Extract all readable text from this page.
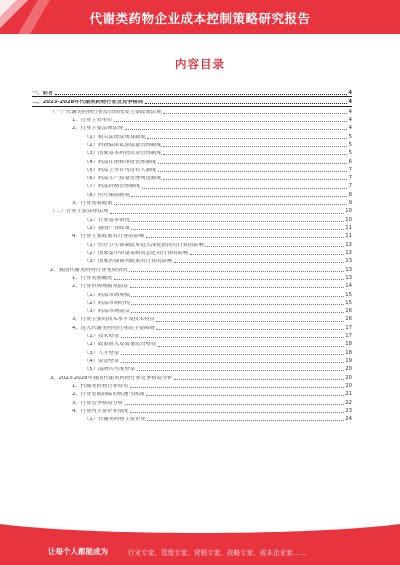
代谢类药物企业成本控制策略研究报告
内容目录
一、前言	4
二、2023-2028年代谢类药物行业及竞争格局	4
（一）代谢类药物行业监管情况及主要政策法规	4
1、行业主管单位	4
2、行业主要法律法规	4
（1）相关法律法规及制度	5
（2）药物临床试验质量管理制度	5
（3）国家基本药物目录管理制度	5
（4）药品注册和审批管理制度	6
（5）药品上市许可持有人制度	7
（6）药品生产质量管理规范制度	7
（7）药品价格管理制度	7
（8）医疗保险制度	8
3、行业发展政策	9
（二）行业主要法律法规	10
（1）行业基本情况	10
（2）我国产业政策	11
4、行业主要政策对行业的影响	11
（1）医疗卫生体制改革进入深化阶段对行业的影响	12
（2）国家集中带量采购常态化对行业的影响	12
（3）国家医保谈判政策对行业的影响	13
2、我国代谢类药物行业发展情况	13
1、行业发展概况	13
2、行业市场规模及前景	14
（1）药品市场规模	15
（2）药品市场结构	15
（3）药品市场前景	16
3、行业主要的技术水平及技术特点	16
4、进入代谢类药物行业的主要障碍	17
（1）技术壁垒	17
（2）政策准入及质量监管壁垒	18
（3）人才壁垒	18
（4）资金壁垒	19
（5）品牌认可度壁垒	20
3、2023-2028年我国代谢类药物行业竞争格局分析	20
1、代谢类药物行业特点	20
2、行业发展面临的机遇与挑战	21
3、行业竞争格局分析	22
4、行业内主要企业情况	23
（1）代谢类药物主要企业	24
让每个人都能成为	行业专家、管理专家、营销专家、战略专家、成本企业家……
